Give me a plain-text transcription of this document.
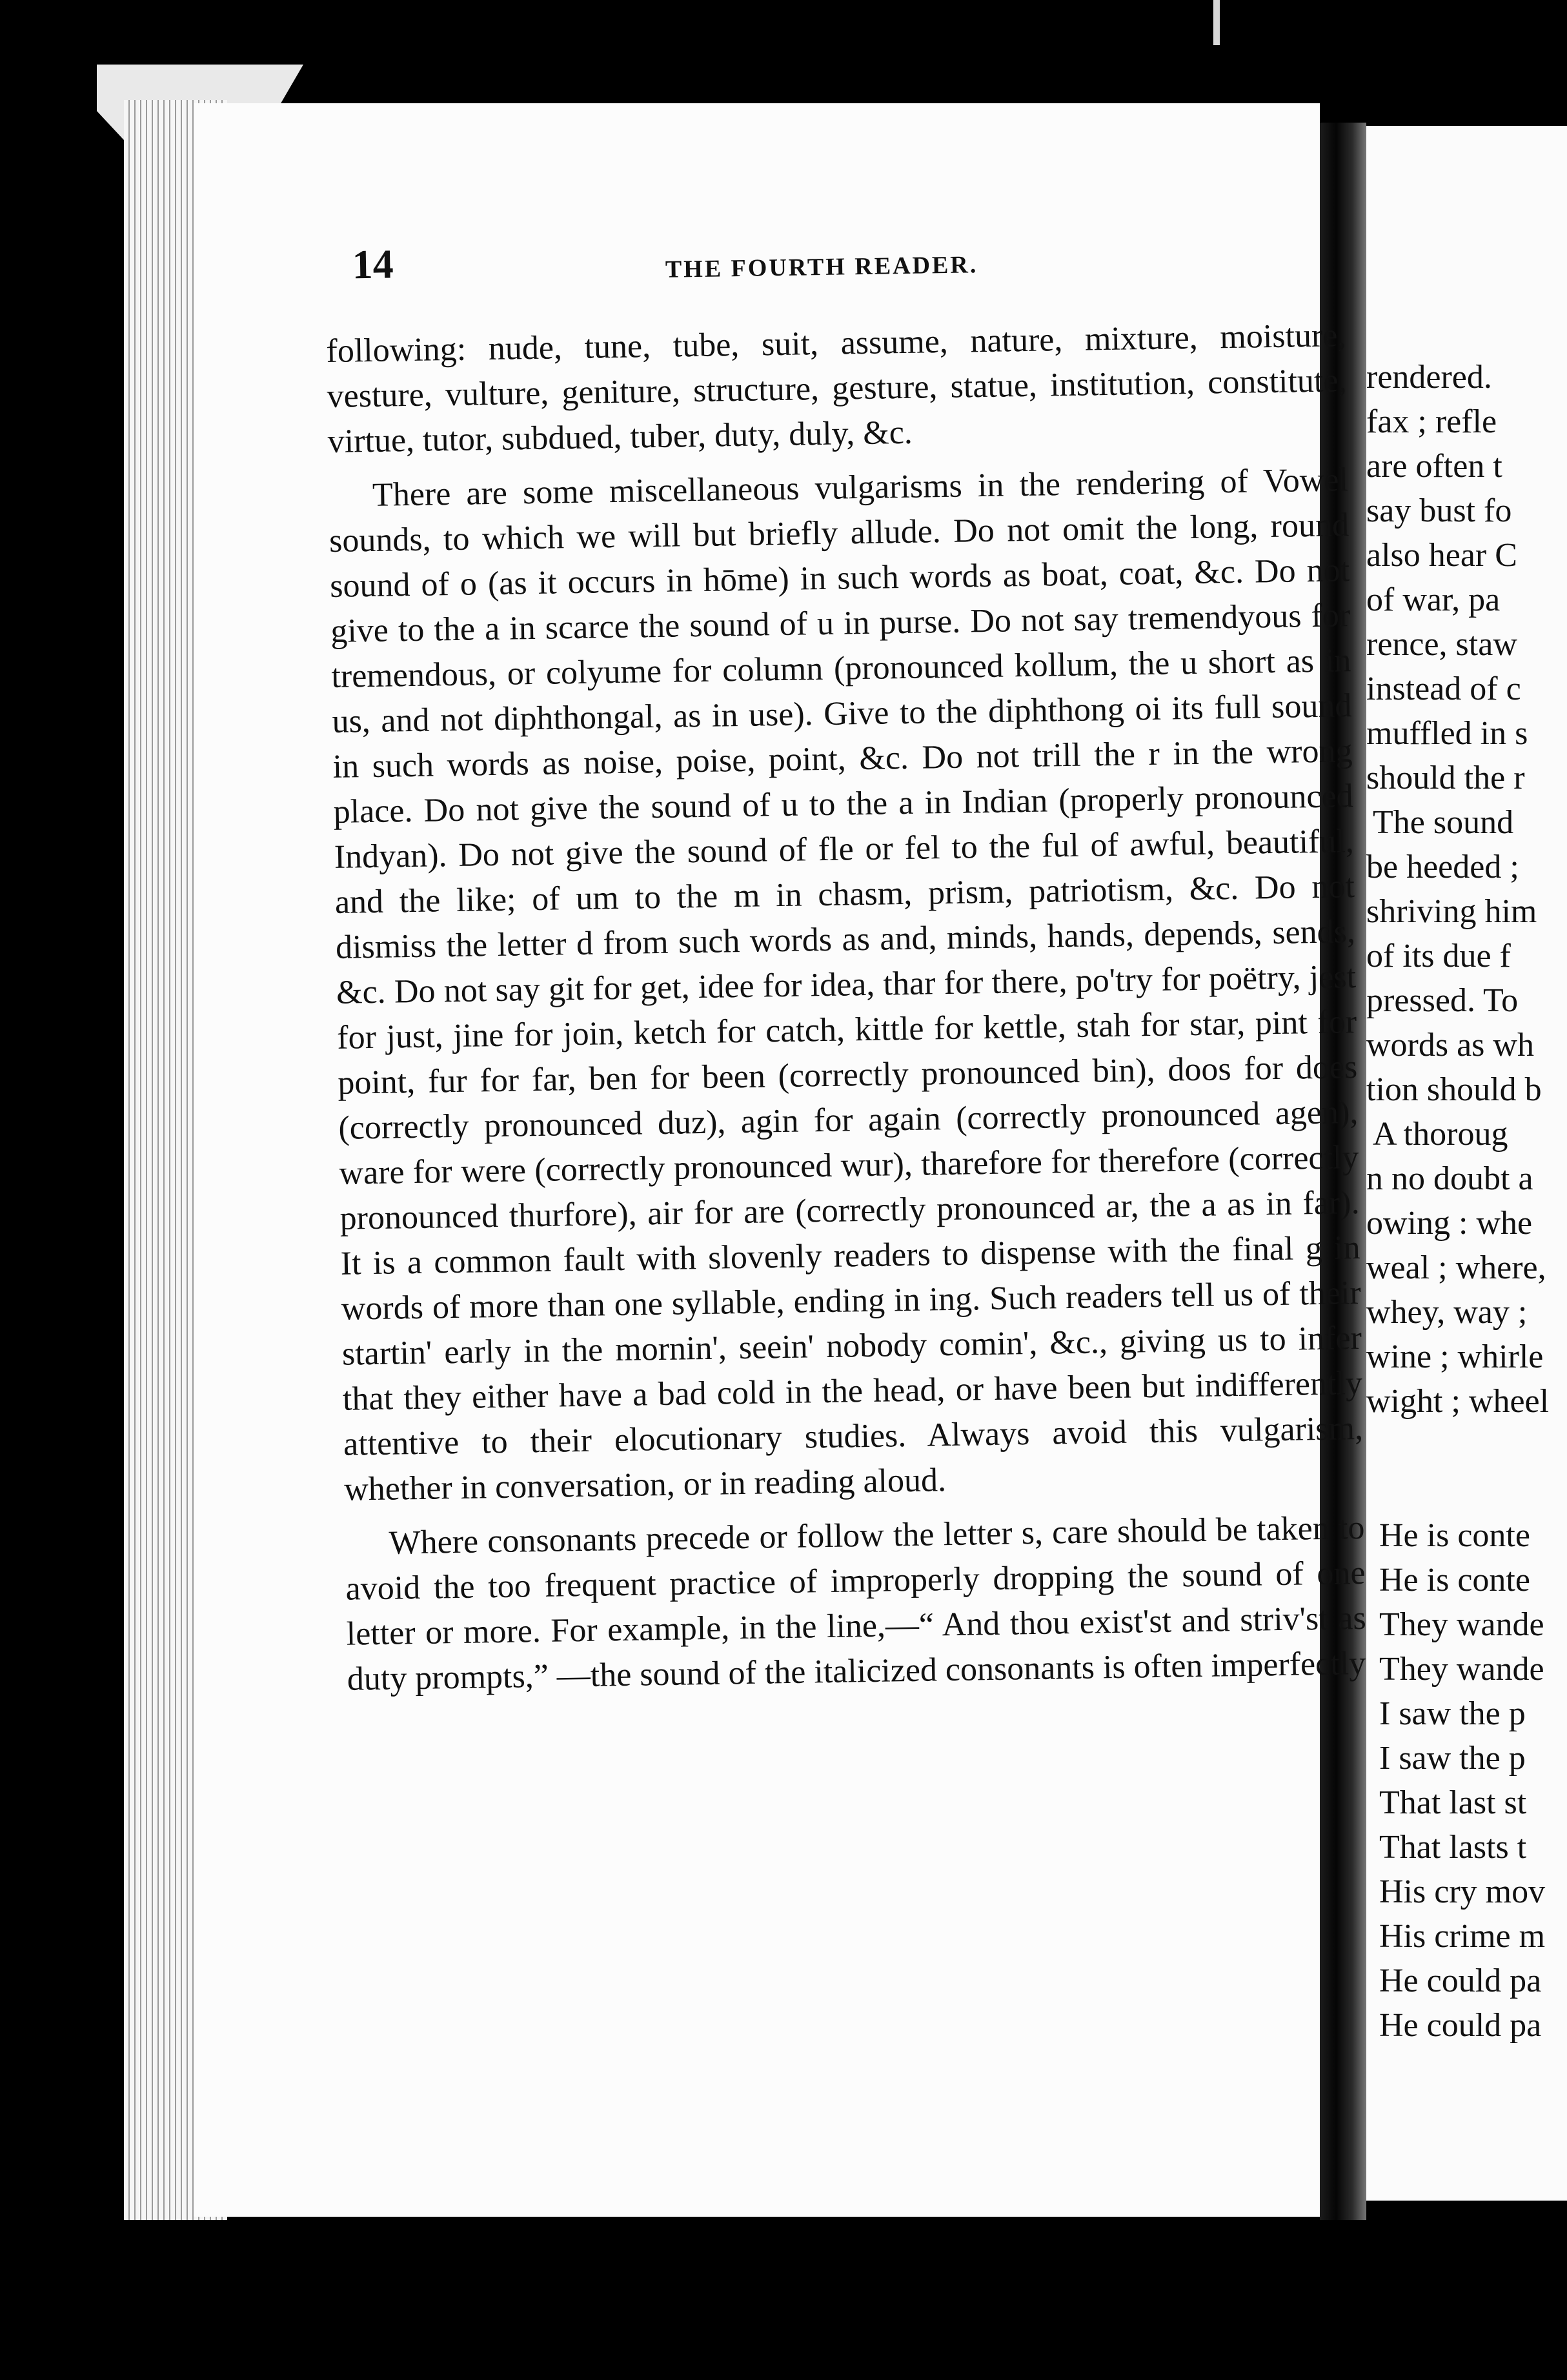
rendered.
fax ; refle
are often t
say bust fo
also hear C
of war, pa
rence, staw
instead of c
muffled in s
should the r
The sound
be heeded ;
shriving him
of its due f
pressed. To
words as wh
tion should b
A thoroug
n no doubt a
owing : whe
weal ; where,
whey, way ;
wine ; whirle
wight ; wheel
He is conte
He is conte
They wande
They wande
I saw the p
I saw the p
That last st
That lasts t
His cry mov
His crime m
He could pa
He could pa
14	THE FOURTH READER.

following: nude, tune, tube, suit, assume, nature, mixture, moisture, vesture, vulture, geniture, structure, gesture, statue, institution, constitute, virtue, tutor, subdued, tuber, duty, duly, &c.

There are some miscellaneous vulgarisms in the rendering of Vowel sounds, to which we will but briefly allude. Do not omit the long, round sound of o (as it occurs in hōme) in such words as boat, coat, &c. Do not give to the a in scarce the sound of u in purse. Do not say tremendyous for tremendous, or colyume for column (pronounced kollum, the u short as in us, and not diphthongal, as in use). Give to the diphthong oi its full sound in such words as noise, poise, point, &c. Do not trill the r in the wrong place. Do not give the sound of u to the a in Indian (properly pronounced Indyan). Do not give the sound of fle or fel to the ful of awful, beautiful, and the like; of um to the m in chasm, prism, patriotism, &c. Do not dismiss the letter d from such words as and, minds, hands, depends, sends, &c. Do not say git for get, idee for idea, thar for there, po'try for poëtry, jest for just, jine for join, ketch for catch, kittle for kettle, stah for star, pint for point, fur for far, ben for been (correctly pronounced bin), doos for does (correctly pronounced duz), agin for again (correctly pronounced agen), ware for were (correctly pronounced wur), tharefore for therefore (correctly pronounced thurfore), air for are (correctly pronounced ar, the a as in far). It is a common fault with slovenly readers to dispense with the final g in words of more than one syllable, ending in ing. Such readers tell us of their startin' early in the mornin', seein' nobody comin', &c., giving us to infer that they either have a bad cold in the head, or have been but indifferently attentive to their elocutionary studies. Always avoid this vulgarism, whether in conversation, or in reading aloud.

Where consonants precede or follow the letter s, care should be taken to avoid the too frequent practice of improperly dropping the sound of one letter or more. For example, in the line,—“ And thou exist'st and striv'st as duty prompts,” —the sound of the italicized consonants is often imperfectly
